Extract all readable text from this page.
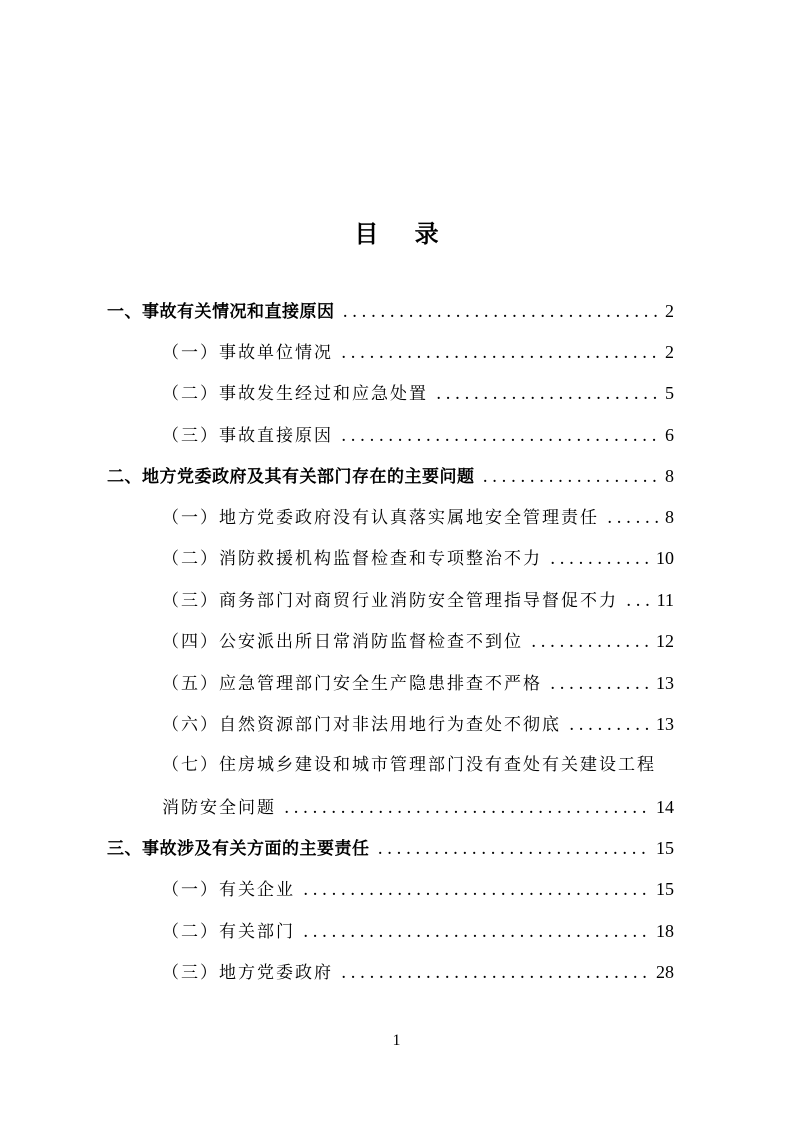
目 录
一、事故有关情况和直接原因 .....	2
（一）事故单位情况 .....	2
（二）事故发生经过和应急处置 .....	5
（三）事故直接原因 .....	6
二、地方党委政府及其有关部门存在的主要问题 .....	8
（一）地方党委政府没有认真落实属地安全管理责任 .....	8
（二）消防救援机构监督检查和专项整治不力 .....	10
（三）商务部门对商贸行业消防安全管理指导督促不力 ..... 11
（四）公安派出所日常消防监督检查不到位 .....	12
（五）应急管理部门安全生产隐患排查不严格 .....	13
（六）自然资源部门对非法用地行为查处不彻底 .....	13
（七）住房城乡建设和城市管理部门没有查处有关建设工程
消防安全问题 .....	14
三、事故涉及有关方面的主要责任 .....	15
（一）有关企业 .....	15
（二）有关部门 .....	18
（三）地方党委政府 .....	28
1
